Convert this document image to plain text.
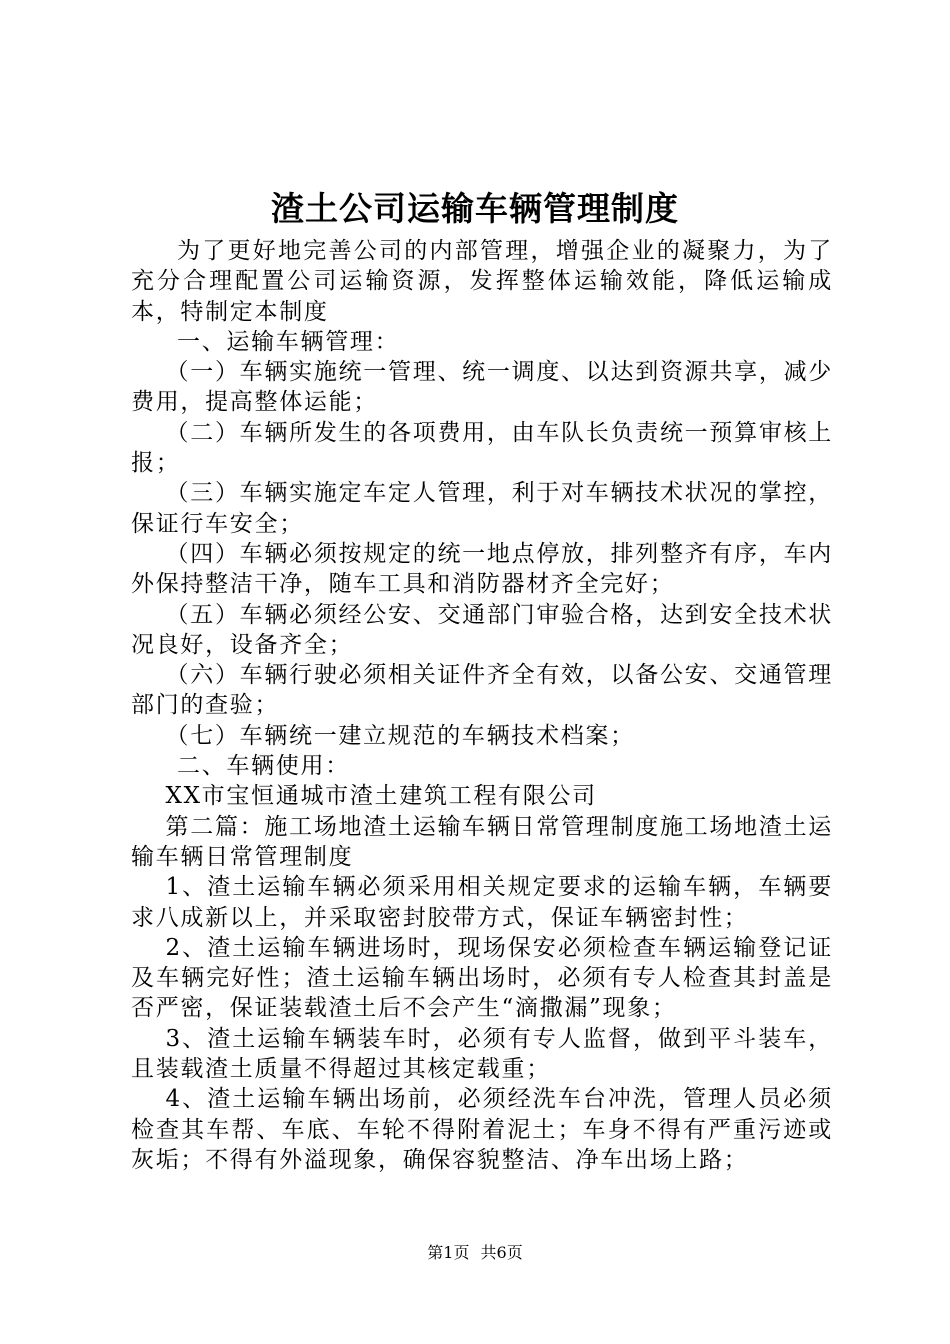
渣土公司运输车辆管理制度

为了更好地完善公司的内部管理，增强企业的凝聚力，为了充分合理配置公司运输资源，发挥整体运输效能，降低运输成本，特制定本制度

一、运输车辆管理：

（一）车辆实施统一管理、统一调度、以达到资源共享，减少费用，提高整体运能；

（二）车辆所发生的各项费用，由车队长负责统一预算审核上报；

（三）车辆实施定车定人管理，利于对车辆技术状况的掌控，保证行车安全；

（四）车辆必须按规定的统一地点停放，排列整齐有序，车内外保持整洁干净，随车工具和消防器材齐全完好；

（五）车辆必须经公安、交通部门审验合格，达到安全技术状况良好，设备齐全；

（六）车辆行驶必须相关证件齐全有效，以备公安、交通管理部门的查验；

（七）车辆统一建立规范的车辆技术档案；

二、车辆使用：

XX市宝恒通城市渣土建筑工程有限公司

第二篇：施工场地渣土运输车辆日常管理制度施工场地渣土运输车辆日常管理制度

1、渣土运输车辆必须采用相关规定要求的运输车辆，车辆要求八成新以上，并采取密封胶带方式，保证车辆密封性；

2、渣土运输车辆进场时，现场保安必须检查车辆运输登记证及车辆完好性；渣土运输车辆出场时，必须有专人检查其封盖是否严密，保证装载渣土后不会产生“滴撒漏”现象；

3、渣土运输车辆装车时，必须有专人监督，做到平斗装车，且装载渣土质量不得超过其核定载重；

4、渣土运输车辆出场前，必须经洗车台冲洗，管理人员必须检查其车帮、车底、车轮不得附着泥土；车身不得有严重污迹或灰垢；不得有外溢现象，确保容貌整洁、净车出场上路；

第1页 共6页
